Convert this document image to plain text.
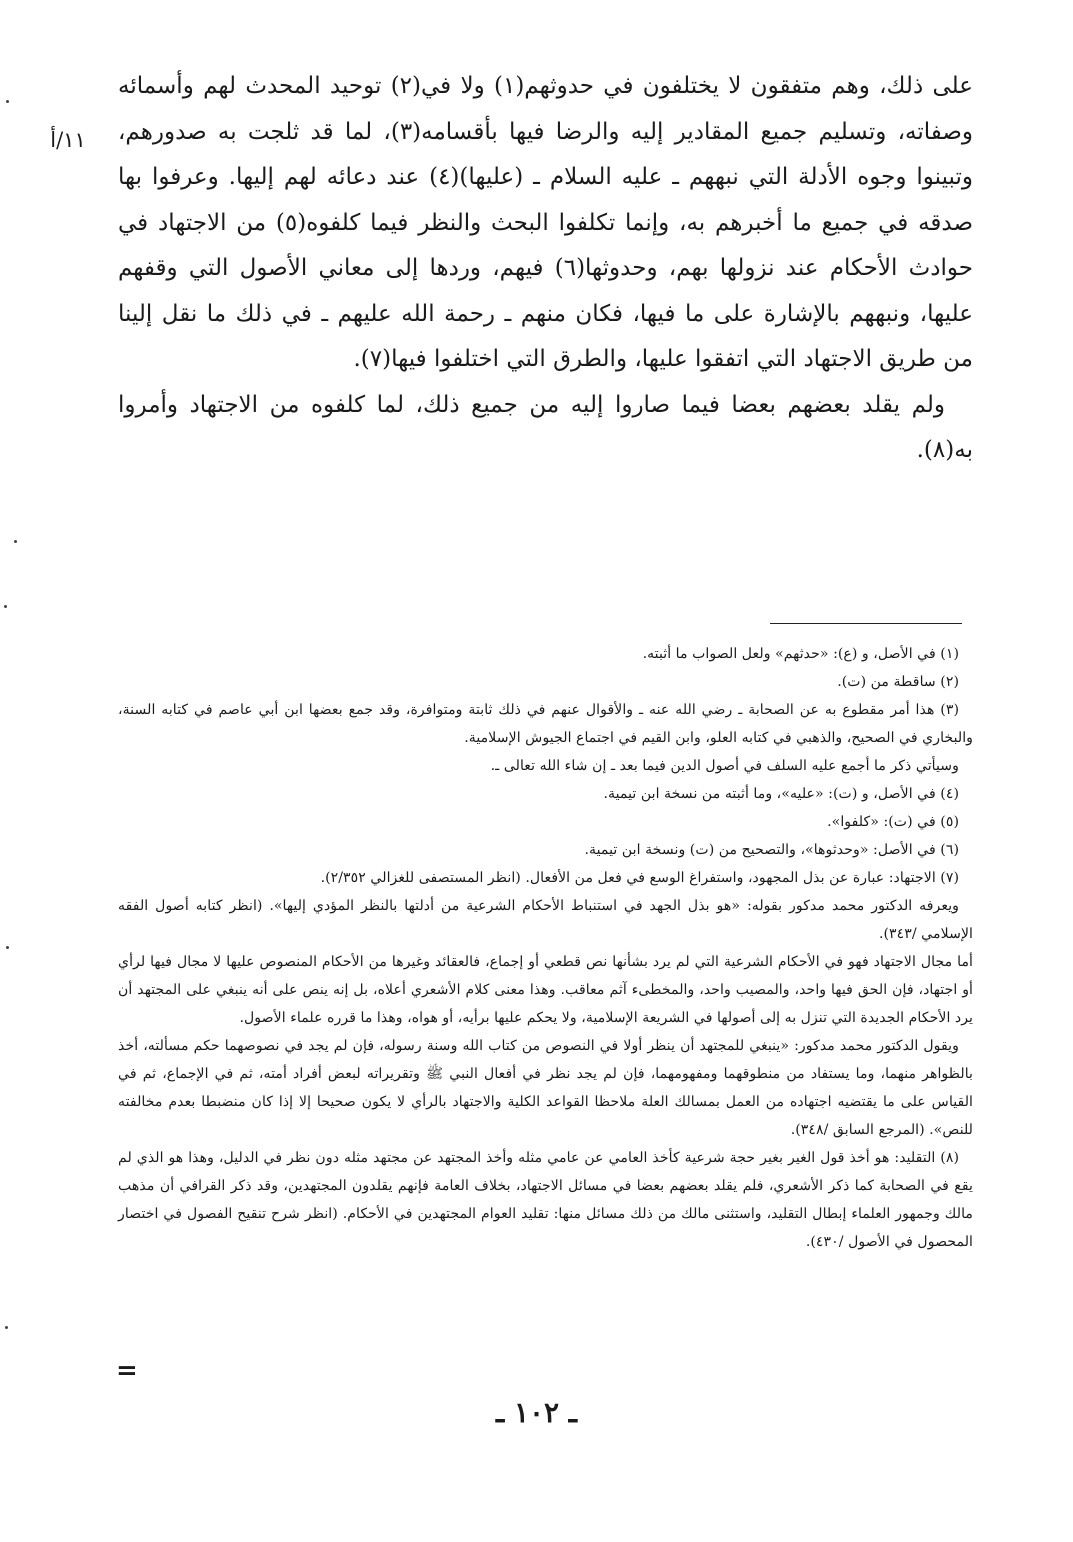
١١/أ

على ذلك، وهم متفقون لا يختلفون في حدوثهم(١) ولا في(٢) توحيد المحدث لهم وأسمائه وصفاته، وتسليم جميع المقادير إليه والرضا فيها بأقسامه(٣)، لما قد ثلجت به صدورهم، وتبينوا وجوه الأدلة التي نبههم ـ عليه السلام ـ (عليها)(٤) عند دعائه لهم إليها. وعرفوا بها صدقه في جميع ما أخبرهم به، وإنما تكلفوا البحث والنظر فيما كلفوه(٥) من الاجتهاد في حوادث الأحكام عند نزولها بهم، وحدوثها(٦) فيهم، وردها إلى معاني الأصول التي وقفهم عليها، ونبههم بالإشارة على ما فيها، فكان منهم ـ رحمة الله عليهم ـ في ذلك ما نقل إلينا من طريق الاجتهاد التي اتفقوا عليها، والطرق التي اختلفوا فيها(٧).

ولم يقلد بعضهم بعضا فيما صاروا إليه من جميع ذلك، لما كلفوه من الاجتهاد وأمروا به(٨).

(١) في الأصل، و (ع): «حدثهم» ولعل الصواب ما أثبته.

(٢) ساقطة من (ت).

(٣) هذا أمر مقطوع به عن الصحابة ـ رضي الله عنه ـ والأقوال عنهم في ذلك ثابتة ومتوافرة، وقد جمع بعضها ابن أبي عاصم في كتابه السنة، والبخاري في الصحيح، والذهبي في كتابه العلو، وابن القيم في اجتماع الجيوش الإسلامية.

وسيأتي ذكر ما أجمع عليه السلف في أصول الدين فيما بعد ـ إن شاء الله تعالى ـ.

(٤) في الأصل، و (ت): «عليه»، وما أثبته من نسخة ابن تيمية.

(٥) في (ت): «كلفوا».

(٦) في الأصل: «وحدثوها»، والتصحيح من (ت) ونسخة ابن تيمية.

(٧) الاجتهاد: عبارة عن بذل المجهود، واستفراغ الوسع في فعل من الأفعال. (انظر المستصفى للغزالي ٢/٣٥٢).

ويعرفه الدكتور محمد مدكور بقوله: «هو بذل الجهد في استنباط الأحكام الشرعية من أدلتها بالنظر المؤدي إليها». (انظر كتابه أصول الفقه الإسلامي /٣٤٣).

أما مجال الاجتهاد فهو في الأحكام الشرعية التي لم يرد بشأنها نص قطعي أو إجماع، فالعقائد وغيرها من الأحكام المنصوص عليها لا مجال فيها لرأي أو اجتهاد، فإن الحق فيها واحد، والمصيب واحد، والمخطىء آثم معاقب. وهذا معنى كلام الأشعري أعلاه، بل إنه ينص على أنه ينبغي على المجتهد أن يرد الأحكام الجديدة التي تنزل به إلى أصولها في الشريعة الإسلامية، ولا يحكم عليها برأيه، أو هواه، وهذا ما قرره علماء الأصول.

ويقول الدكتور محمد مدكور: «ينبغي للمجتهد أن ينظر أولا في النصوص من كتاب الله وسنة رسوله، فإن لم يجد في نصوصهما حكم مسألته، أخذ بالظواهر منهما، وما يستفاد من منطوقهما ومفهومهما، فإن لم يجد نظر في أفعال النبي ﷺ وتقريراته لبعض أفراد أمته، ثم في الإجماع، ثم في القياس على ما يقتضيه اجتهاده من العمل بمسالك العلة ملاحظا القواعد الكلية والاجتهاد بالرأي لا يكون صحيحا إلا إذا كان منضبطا بعدم مخالفته للنص». (المرجع السابق /٣٤٨).

(٨) التقليد: هو أخذ قول الغير بغير حجة شرعية كأخذ العامي عن عامي مثله وأخذ المجتهد عن مجتهد مثله دون نظر في الدليل، وهذا هو الذي لم يقع في الصحابة كما ذكر الأشعري، فلم يقلد بعضهم بعضا في مسائل الاجتهاد، بخلاف العامة فإنهم يقلدون المجتهدين، وقد ذكر القرافي أن مذهب مالك وجمهور العلماء إبطال التقليد، واستثنى مالك من ذلك مسائل منها: تقليد العوام المجتهدين في الأحكام. (انظر شرح تنقيح الفصول في اختصار المحصول في الأصول /٤٣٠).

=
ـ ١٠٢ ـ
